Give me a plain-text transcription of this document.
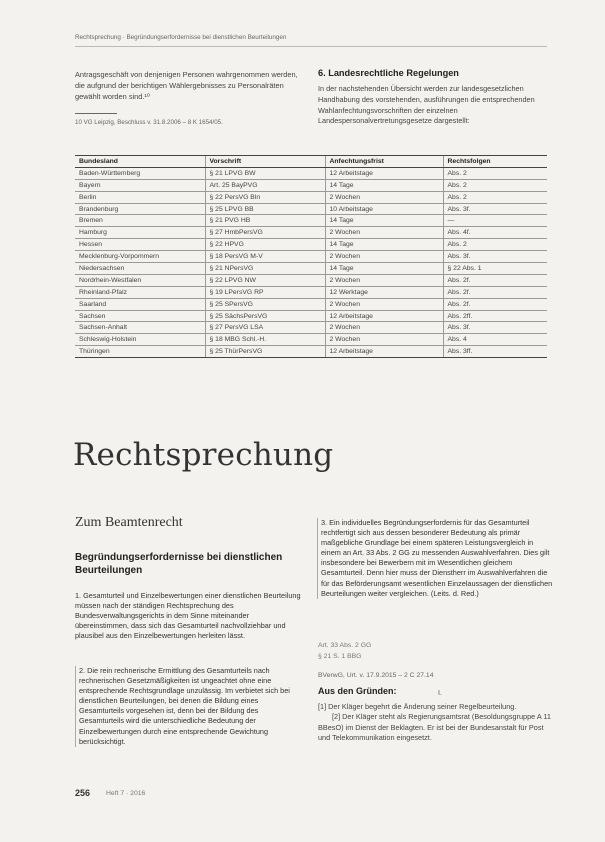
Rechtsprechung · Begründungserfordernisse bei dienstlichen Beurteilungen
Antragsgeschäft von denjenigen Personen wahrgenommen werden, die aufgrund der berichtigen Wählergebnisses zu Personalräten gewählt worden sind.¹⁰
10 VG Leipzig, Beschluss v. 31.8.2006 – 8 K 1654/05.
6. Landesrechtliche Regelungen
In der nachstehenden Übersicht werden zur landesgesetzlichen Handhabung des vorstehenden, ausführungen die entsprechenden Wahlanfechtungsvorschriften der einzelnen Landespersonalvertretungsgesetze dargestellt:
Bundesland	Vorschrift	Anfechtungsfrist	Rechtsfolgen
Baden-Württemberg	§ 21 LPVG BW	12 Arbeitstage	Abs. 2
Bayern	Art. 25 BayPVG	14 Tage	Abs. 2
Berlin	§ 22 PersVG Bln	2 Wochen	Abs. 2
Brandenburg	§ 25 LPVG BB	10 Arbeitstage	Abs. 3f.
Bremen	§ 21 PVG HB	14 Tage	—
Hamburg	§ 27 HmbPersVG	2 Wochen	Abs. 4f.
Hessen	§ 22 HPVG	14 Tage	Abs. 2
Mecklenburg-Vorpommern	§ 18 PersVG M-V	2 Wochen	Abs. 3f.
Niedersachsen	§ 21 NPersVG	14 Tage	§ 22 Abs. 1
Nordrhein-Westfalen	§ 22 LPVG NW	2 Wochen	Abs. 2f.
Rheinland-Pfalz	§ 19 LPersVG RP	12 Werktage	Abs. 2f.
Saarland	§ 25 SPersVG	2 Wochen	Abs. 2f.
Sachsen	§ 25 SächsPersVG	12 Arbeitstage	Abs. 2ff.
Sachsen-Anhalt	§ 27 PersVG LSA	2 Wochen	Abs. 3f.
Schleswig-Holstein	§ 18 MBG Schl.-H.	2 Wochen	Abs. 4
Thüringen	§ 25 ThürPersVG	12 Arbeitstage	Abs. 3ff.
Rechtsprechung
Zum Beamtenrecht
Begründungserfordernisse bei dienstlichen Beurteilungen

1. Gesamturteil und Einzelbewertungen einer dienstlichen Beurteilung müssen nach der ständigen Rechtsprechung des Bundesverwaltungsgerichts in dem Sinne miteinander übereinstimmen, dass sich das Gesamturteil nachvollziehbar und plausibel aus den Einzelbewertungen herleiten lässt.

2. Die rein rechnerische Ermittlung des Gesamturteils nach rechnerischen Gesetzmäßigkeiten ist ungeachtet ohne eine entsprechende Rechtsgrundlage unzulässig. Im verbietet sich bei dienstlichen Beurteilungen, bei denen die Bildung eines Gesamturteils vorgesehen ist, denn bei der Bildung des Gesamturteils wird die unterschiedliche Bedeutung der Einzelbewertungen durch eine entsprechende Gewichtung berücksichtigt.

3. Ein individuelles Begründungserfordernis für das Gesamturteil rechtfertigt sich aus dessen besonderer Bedeutung als primär maßgebliche Grundlage bei einem späteren Leistungsvergleich in einem an Art. 33 Abs. 2 GG zu messenden Auswahlverfahren. Dies gilt insbesondere bei Bewerbern mit im Wesentlichen gleichem Gesamturteil. Denn hier muss der Dienstherr im Auswahlverfahren die für das Beförderungsamt wesentlichen Einzelaussagen der dienstlichen Beurteilungen weiter vergleichen. (Leits. d. Red.)
Art. 33 Abs. 2 GG
§ 21 S. 1 BBG
BVerwG, Urt. v. 17.9.2015 – 2 C 27.14
Aus den Gründen:	I.

[1] Der Kläger begehrt die Änderung seiner Regelbeurteilung.

[2] Der Kläger steht als Regierungsamtsrat (Besoldungsgruppe A 11 BBesO) im Dienst der Beklagten. Er ist bei der Bundesanstalt für Post und Telekommunikation eingesetzt.

256 Heft 7 · 2016
